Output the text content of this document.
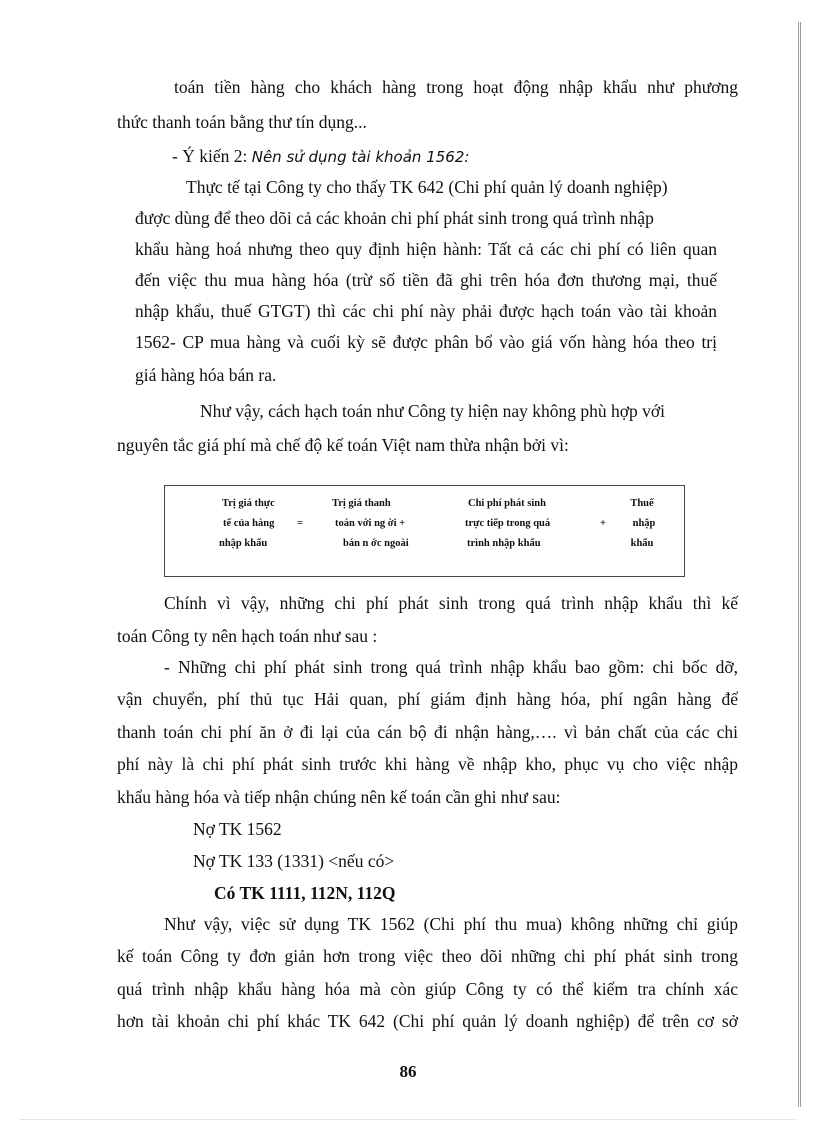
toán tiền hàng cho khách hàng trong hoạt động nhập khẩu như phương
thức thanh toán bằng thư tín dụng...
- Ý kiến 2: Nên sử dụng tài khoản 1562:
Thực tế tại Công ty cho thấy TK 642 (Chi phí quản lý doanh nghiệp)
được dùng để theo dõi cả các khoản chi phí phát sinh trong quá trình nhập
khẩu hàng hoá nhưng theo quy định hiện hành: Tất cả các chi phí có liên quan
đến việc thu mua hàng hóa (trừ số tiền đã ghi trên hóa đơn thương mại, thuế
nhập khẩu, thuế GTGT) thì các chi phí này phải được hạch toán vào tài khoản
1562- CP mua hàng và cuối kỳ sẽ được phân bổ vào giá vốn hàng hóa theo trị
giá hàng hóa bán ra.
Như vậy, cách hạch toán như Công ty hiện nay không phù hợp với
nguyên tắc giá phí mà chế độ kế toán Việt nam thừa nhận bởi vì:
Trị giá thực
tế của hàng
nhập khẩu
=
Trị giá thanh
toán với ng ời +
bán n ớc ngoài
Chi phí phát sinh
trực tiếp trong quá
trình nhập khẩu
+
Thuế
nhập
khẩu
Chính vì vậy, những chi phí phát sinh trong quá trình nhập khẩu thì kế
toán Công ty nên hạch toán như sau :
- Những chi phí phát sinh trong quá trình nhập khẩu bao gồm: chi bốc dỡ,
vận chuyển, phí thủ tục Hải quan, phí giám định hàng hóa, phí ngân hàng để
thanh toán chi phí ăn ở đi lại của cán bộ đi nhận hàng,…. vì bản chất của các chi
phí này là chi phí phát sinh trước khi hàng về nhập kho, phục vụ cho việc nhập
khẩu hàng hóa và tiếp nhận chúng nên kế toán cần ghi như sau:
Nợ TK 1562
Nợ TK 133 (1331) <nếu có>
Có TK 1111, 112N, 112Q
Như vậy, việc sử dụng TK 1562 (Chi phí thu mua) không những chỉ giúp
kế toán Công ty đơn giản hơn trong việc theo dõi những chi phí phát sinh trong
quá trình nhập khẩu hàng hóa mà còn giúp Công ty có thể kiểm tra chính xác
hơn tài khoản chi phí khác TK 642 (Chi phí quản lý doanh nghiệp) để trên cơ sở
86
